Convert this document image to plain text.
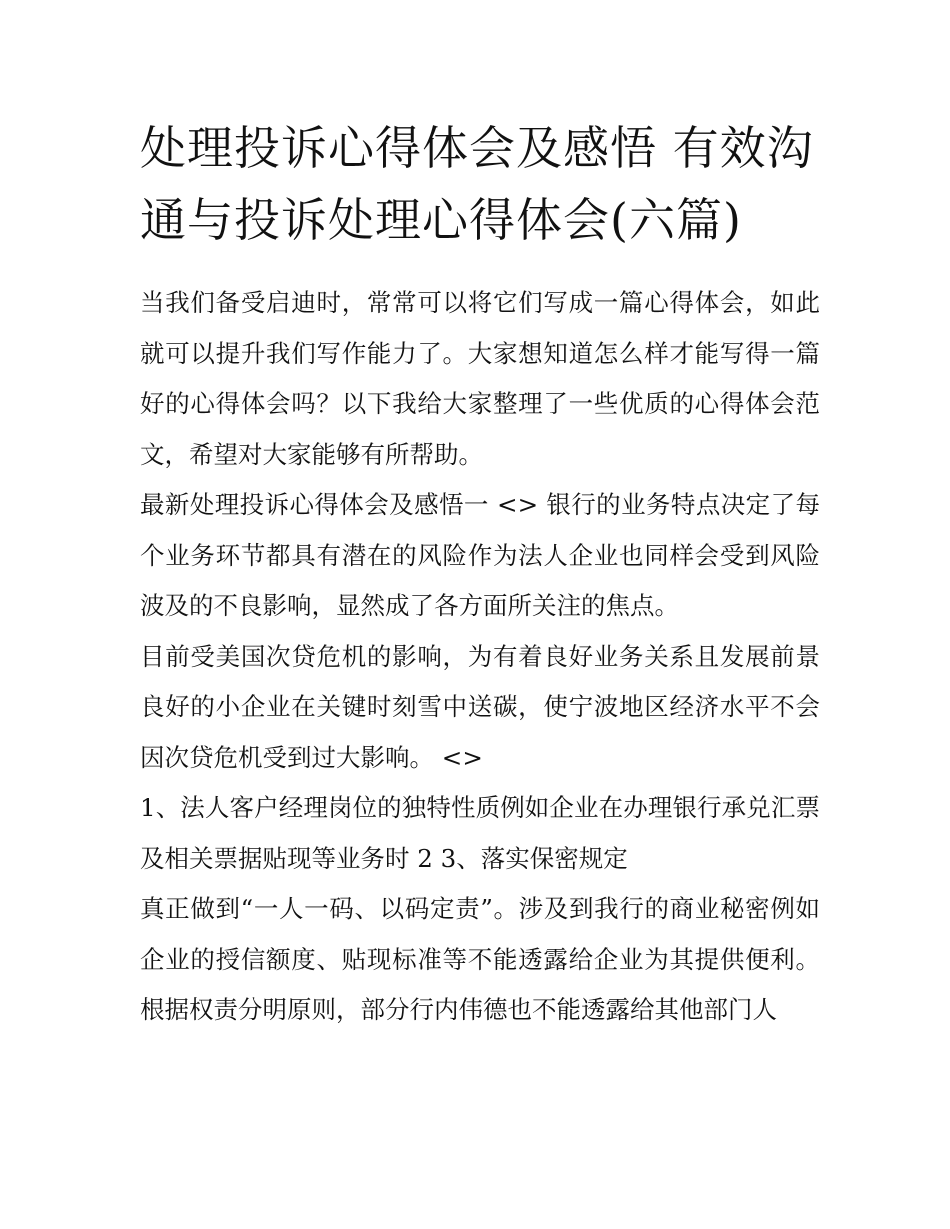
处理投诉心得体会及感悟 有效沟通与投诉处理心得体会(六篇)

当我们备受启迪时，常常可以将它们写成一篇心得体会，如此就可以提升我们写作能力了。大家想知道怎么样才能写得一篇好的心得体会吗？以下我给大家整理了一些优质的心得体会范文，希望对大家能够有所帮助。

最新处理投诉心得体会及感悟一 <> 银行的业务特点决定了每个业务环节都具有潜在的风险作为法人企业也同样会受到风险波及的不良影响，显然成了各方面所关注的焦点。

目前受美国次贷危机的影响，为有着良好业务关系且发展前景良好的小企业在关键时刻雪中送碳，使宁波地区经济水平不会因次贷危机受到过大影响。 <>

1、法人客户经理岗位的独特性质例如企业在办理银行承兑汇票及相关票据贴现等业务时 2 3、落实保密规定

真正做到“一人一码、以码定责”。涉及到我行的商业秘密例如企业的授信额度、贴现标准等不能透露给企业为其提供便利。根据权责分明原则，部分行内伟德也不能透露给其他部门人
